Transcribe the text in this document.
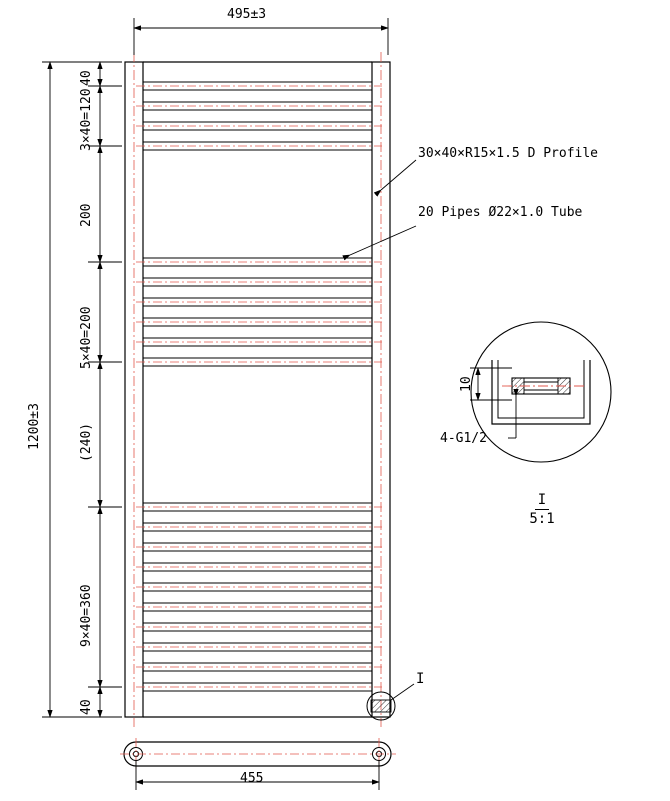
495±3
1200±3
40
3×40=120
200
5×40=200
(240)
9×40=360
40
30×40×R15×1.5 D Profile
20 Pipes Ø22×1.0 Tube
10
4-G1/2
I
I
5:1
455
